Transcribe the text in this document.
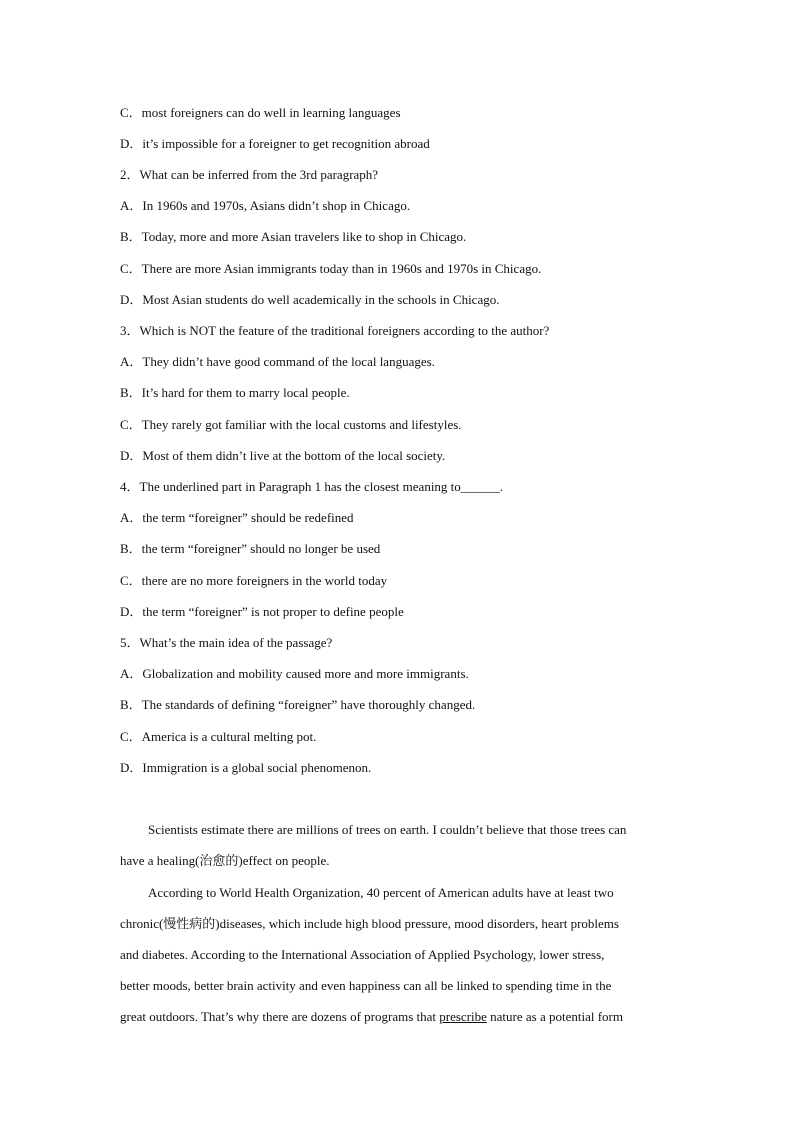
C．most foreigners can do well in learning languages
D．it’s impossible for a foreigner to get recognition abroad
2．What can be inferred from the 3rd paragraph?
A．In 1960s and 1970s, Asians didn’t shop in Chicago.
B．Today, more and more Asian travelers like to shop in Chicago.
C．There are more Asian immigrants today than in 1960s and 1970s in Chicago.
D．Most Asian students do well academically in the schools in Chicago.
3．Which is NOT the feature of the traditional foreigners according to the author?
A．They didn’t have good command of the local languages.
B．It’s hard for them to marry local people.
C．They rarely got familiar with the local customs and lifestyles.
D．Most of them didn’t live at the bottom of the local society.
4．The underlined part in Paragraph 1 has the closest meaning to______.
A．the term “foreigner” should be redefined
B．the term “foreigner” should no longer be used
C．there are no more foreigners in the world today
D．the term “foreigner” is not proper to define people
5．What’s the main idea of the passage?
A．Globalization and mobility caused more and more immigrants.
B．The standards of defining “foreigner” have thoroughly changed.
C．America is a cultural melting pot.
D．Immigration is a global social phenomenon.
Scientists estimate there are millions of trees on earth. I couldn’t believe that those trees can
have a healing(治愈的)effect on people.
According to World Health Organization, 40 percent of American adults have at least two
chronic(慢性病的)diseases, which include high blood pressure, mood disorders, heart problems
and diabetes. According to the International Association of Applied Psychology, lower stress,
better moods, better brain activity and even happiness can all be linked to spending time in the
great outdoors. That’s why there are dozens of programs that prescribe nature as a potential form
